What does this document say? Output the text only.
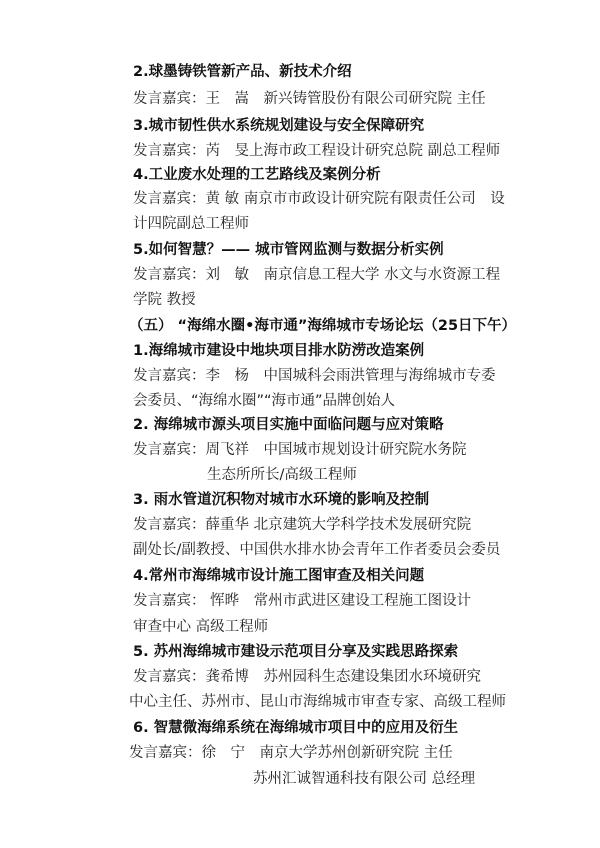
2.球墨铸铁管新产品、新技术介绍
发言嘉宾：王　嵩　新兴铸管股份有限公司研究院 主任
3.城市韧性供水系统规划建设与安全保障研究
发言嘉宾：芮　旻上海市政工程设计研究总院 副总工程师
4.工业废水处理的工艺路线及案例分析
发言嘉宾：黄 敏 南京市市政设计研究院有限责任公司　设
计四院副总工程师
5.如何智慧？—— 城市管网监测与数据分析实例
发言嘉宾：刘　敏　南京信息工程大学 水文与水资源工程
学院 教授
（五） “海绵水圈•海市通”海绵城市专场论坛（25日下午）
1.海绵城市建设中地块项目排水防涝改造案例
发言嘉宾：李　杨　中国城科会雨洪管理与海绵城市专委
会委员、“海绵水圈”“海市通”品牌创始人
2. 海绵城市源头项目实施中面临问题与应对策略
发言嘉宾：周飞祥　中国城市规划设计研究院水务院
生态所所长/高级工程师
3. 雨水管道沉积物对城市水环境的影响及控制
发言嘉宾：薛重华 北京建筑大学科学技术发展研究院
副处长/副教授、中国供水排水协会青年工作者委员会委员
4.常州市海绵城市设计施工图审查及相关问题
发言嘉宾： 恽晔　常州市武进区建设工程施工图设计
审查中心 高级工程师
5. 苏州海绵城市建设示范项目分享及实践思路探索
发言嘉宾：龚希博　苏州园科生态建设集团水环境研究
中心主任、苏州市、昆山市海绵城市审查专家、高级工程师
6. 智慧微海绵系统在海绵城市项目中的应用及衍生
发言嘉宾：徐　宁　南京大学苏州创新研究院 主任
苏州汇诚智通科技有限公司 总经理
